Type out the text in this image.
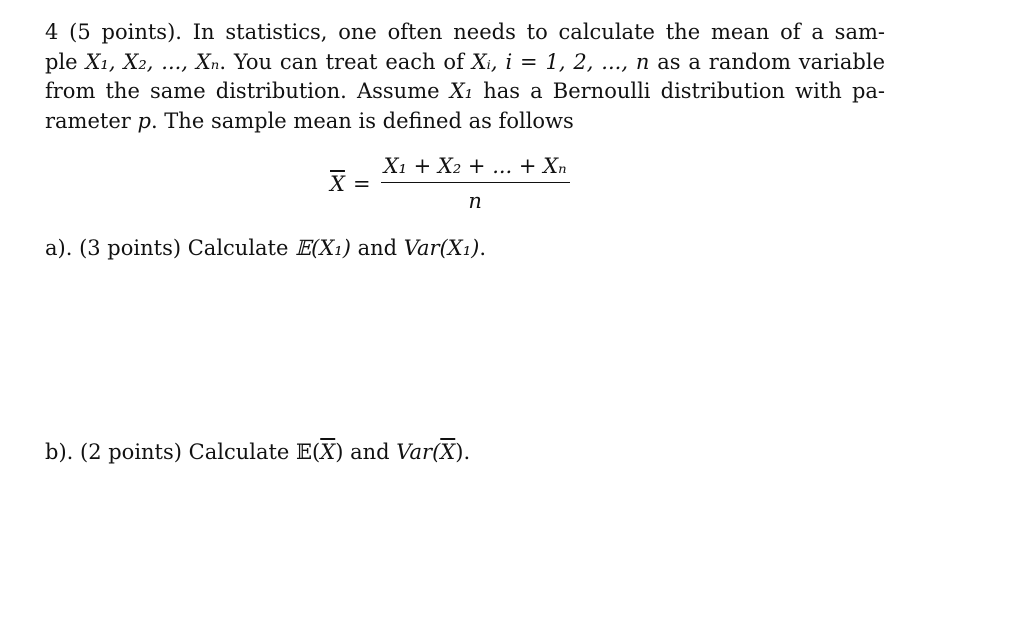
4 (5 points). In statistics, one often needs to calculate the mean of a sam-
ple X₁, X₂, ..., Xₙ. You can treat each of Xᵢ, i = 1, 2, ..., n as a random variable
from the same distribution. Assume X₁ has a Bernoulli distribution with pa-
rameter p. The sample mean is defined as follows
$\overline{X} = \frac{\text{X₁ + X₂ + ... + Xₙ}}{n}$
a). (3 points) Calculate 𝔼(X₁) and Var(X₁).
b). (2 points) Calculate $𝔼(\overline{X})$ and $Var(\overline{X})$.
